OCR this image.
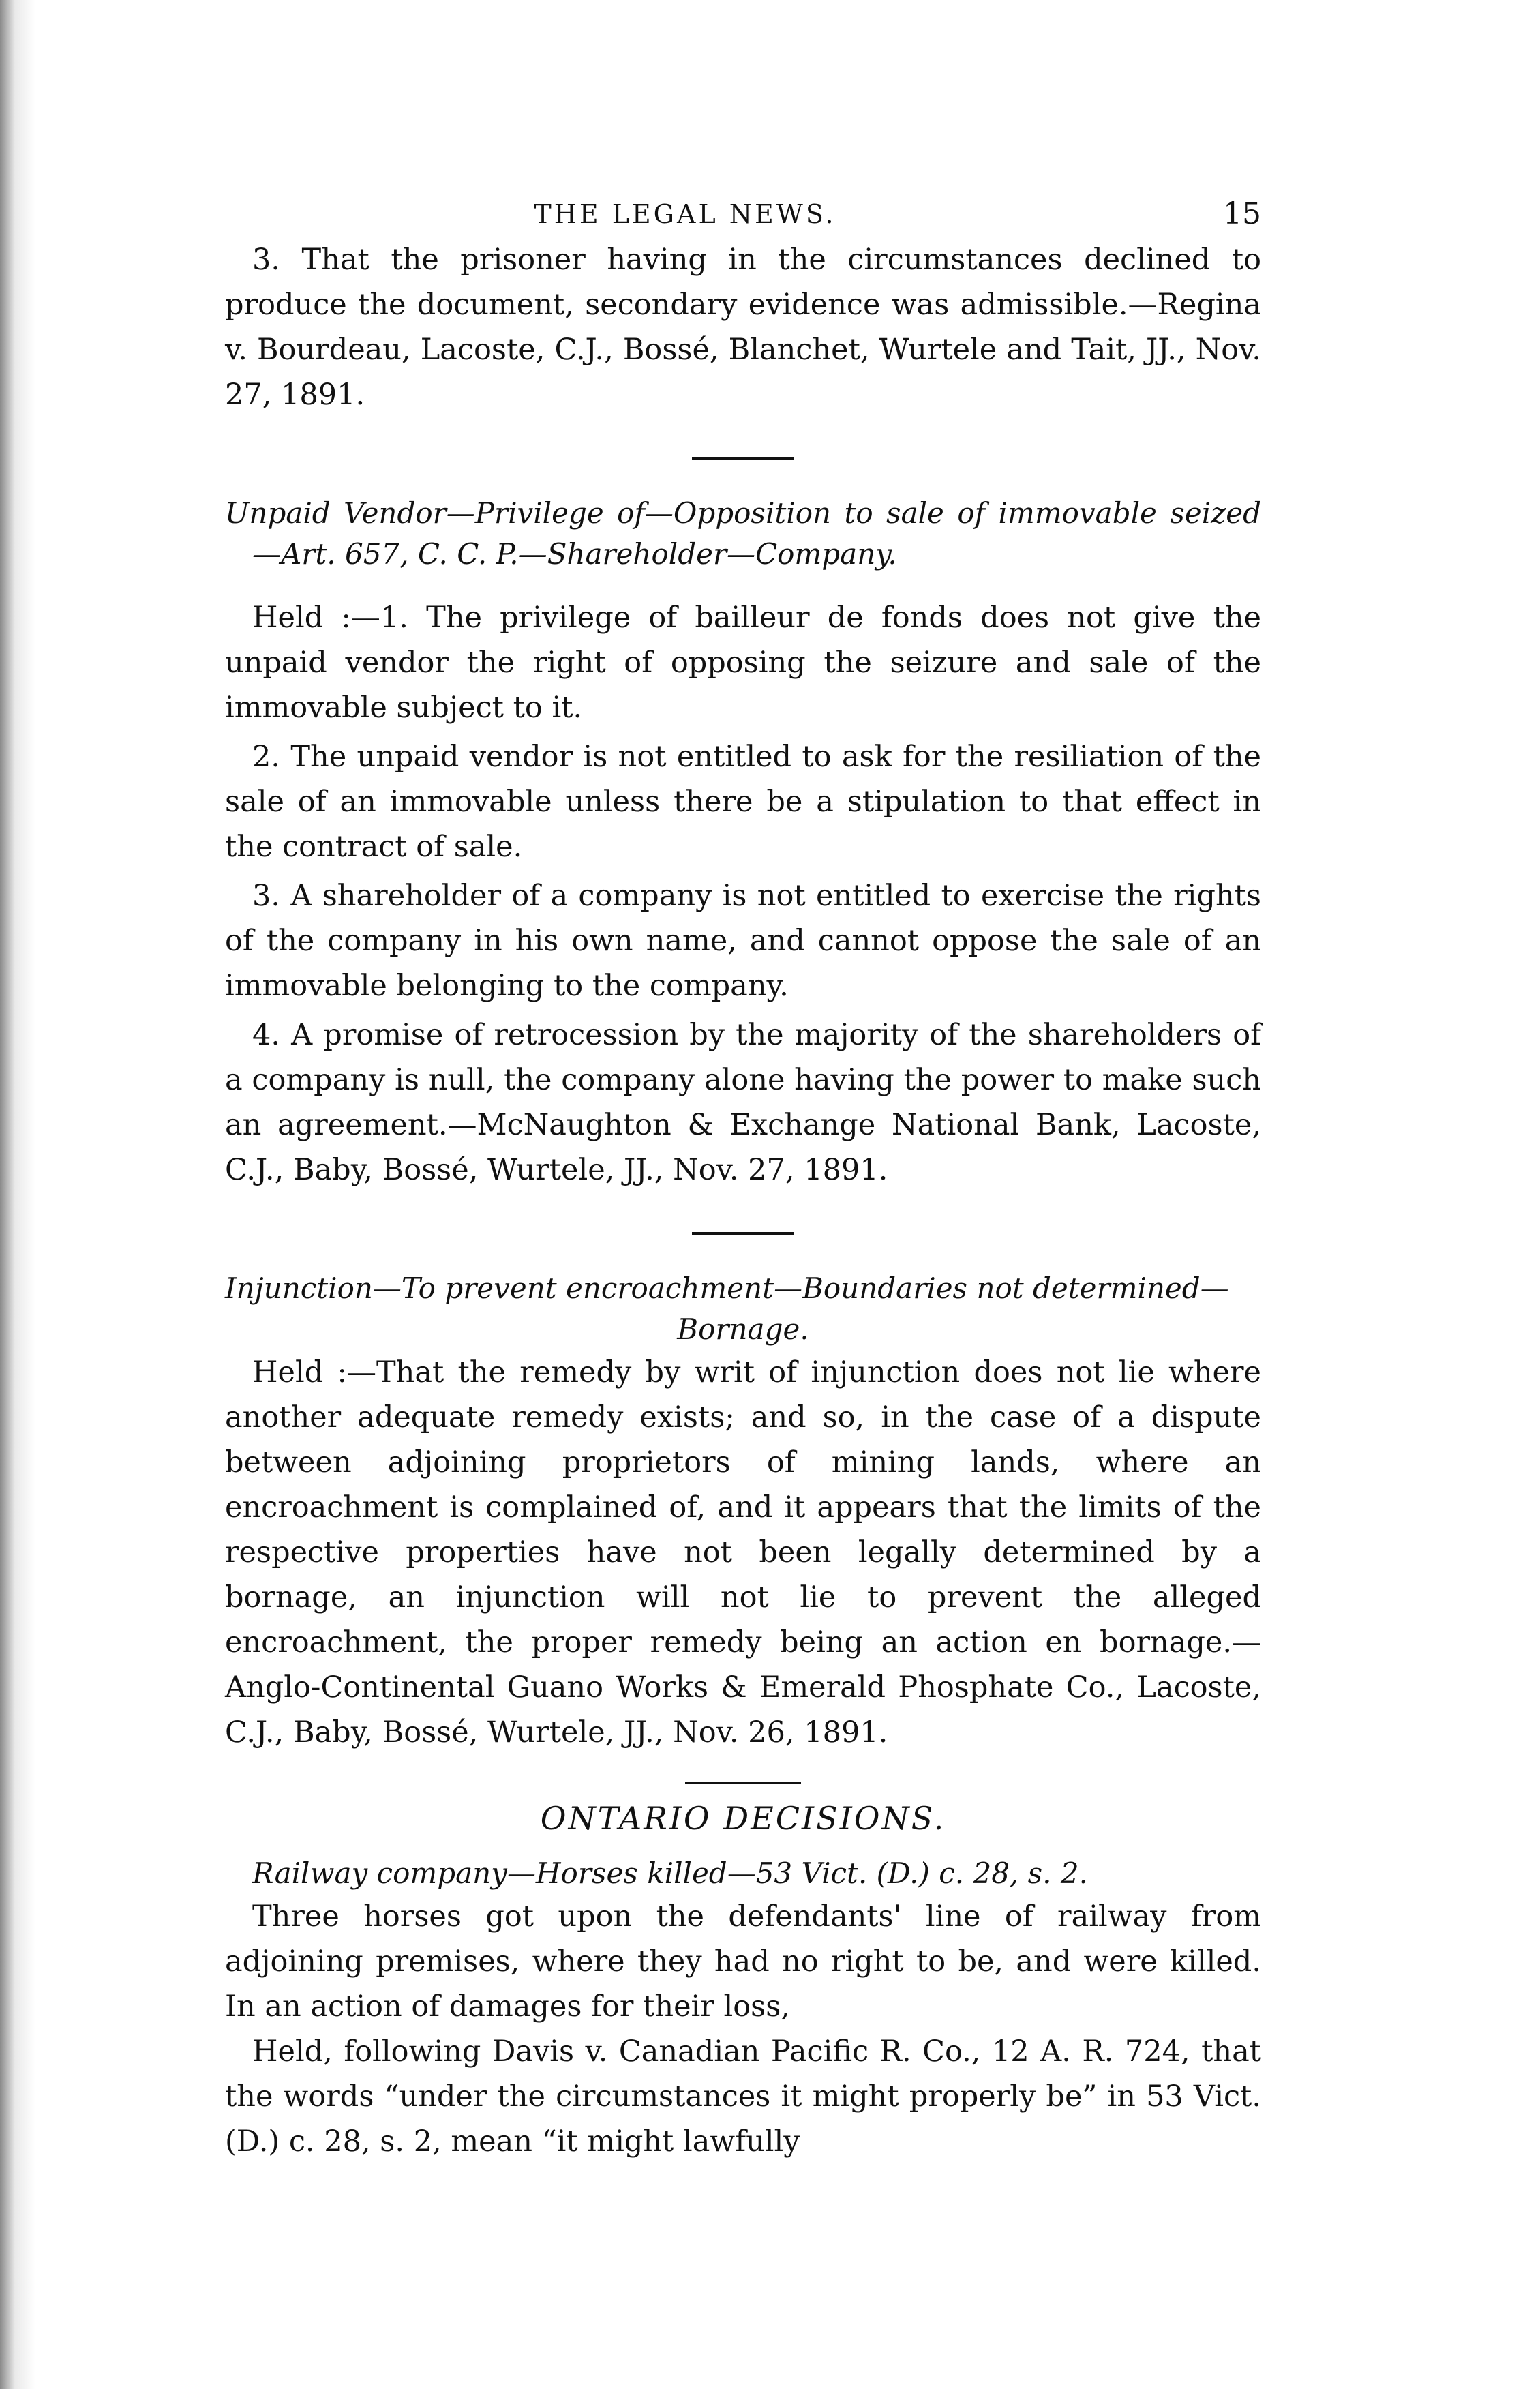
THE LEGAL NEWS.	15

3. That the prisoner having in the circumstances declined to produce the document, secondary evidence was admissible.—Regina v. Bourdeau, Lacoste, C.J., Bossé, Blanchet, Wurtele and Tait, JJ., Nov. 27, 1891.

Unpaid Vendor—Privilege of—Opposition to sale of immovable seized —Art. 657, C. C. P.—Shareholder—Company.

Held :—1. The privilege of bailleur de fonds does not give the unpaid vendor the right of opposing the seizure and sale of the immovable subject to it.

2. The unpaid vendor is not entitled to ask for the resiliation of the sale of an immovable unless there be a stipulation to that effect in the contract of sale.

3. A shareholder of a company is not entitled to exercise the rights of the company in his own name, and cannot oppose the sale of an immovable belonging to the company.

4. A promise of retrocession by the majority of the shareholders of a company is null, the company alone having the power to make such an agreement.—McNaughton & Exchange National Bank, Lacoste, C.J., Baby, Bossé, Wurtele, JJ., Nov. 27, 1891.

Injunction—To prevent encroachment—Boundaries not determined—

Bornage.

Held :—That the remedy by writ of injunction does not lie where another adequate remedy exists; and so, in the case of a dispute between adjoining proprietors of mining lands, where an encroachment is complained of, and it appears that the limits of the respective properties have not been legally determined by a bornage, an injunction will not lie to prevent the alleged encroachment, the proper remedy being an action en bornage.—Anglo-Continental Guano Works & Emerald Phosphate Co., Lacoste, C.J., Baby, Bossé, Wurtele, JJ., Nov. 26, 1891.

ONTARIO DECISIONS.

Railway company—Horses killed—53 Vict. (D.) c. 28, s. 2.

Three horses got upon the defendants' line of railway from adjoining premises, where they had no right to be, and were killed. In an action of damages for their loss,

Held, following Davis v. Canadian Pacific R. Co., 12 A. R. 724, that the words “under the circumstances it might properly be” in 53 Vict. (D.) c. 28, s. 2, mean “it might lawfully
